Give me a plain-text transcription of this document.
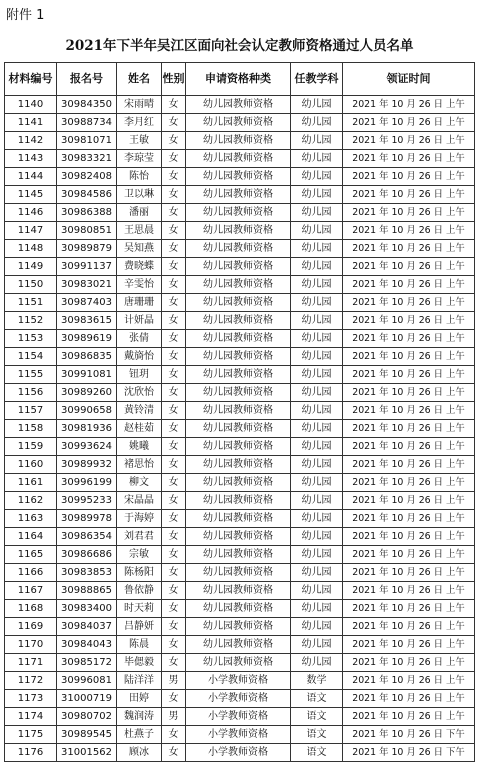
附件 1
2021年下半年吴江区面向社会认定教师资格通过人员名单
材料编号	报名号	姓名	性别	申请资格种类	任教学科	领证时间
1140	30984350	宋雨晴	女	幼儿园教师资格	幼儿园	2021 年 10 月 26 日 上午
1141	30988734	李月红	女	幼儿园教师资格	幼儿园	2021 年 10 月 26 日 上午
1142	30981071	王敏	女	幼儿园教师资格	幼儿园	2021 年 10 月 26 日 上午
1143	30983321	李琼莹	女	幼儿园教师资格	幼儿园	2021 年 10 月 26 日 上午
1144	30982408	陈怡	女	幼儿园教师资格	幼儿园	2021 年 10 月 26 日 上午
1145	30984586	卫以琳	女	幼儿园教师资格	幼儿园	2021 年 10 月 26 日 上午
1146	30986388	潘丽	女	幼儿园教师资格	幼儿园	2021 年 10 月 26 日 上午
1147	30980851	王思晨	女	幼儿园教师资格	幼儿园	2021 年 10 月 26 日 上午
1148	30989879	吴知燕	女	幼儿园教师资格	幼儿园	2021 年 10 月 26 日 上午
1149	30991137	费晓蝶	女	幼儿园教师资格	幼儿园	2021 年 10 月 26 日 上午
1150	30983021	辛雯怡	女	幼儿园教师资格	幼儿园	2021 年 10 月 26 日 上午
1151	30987403	唐珊珊	女	幼儿园教师资格	幼儿园	2021 年 10 月 26 日 上午
1152	30983615	计妍晶	女	幼儿园教师资格	幼儿园	2021 年 10 月 26 日 上午
1153	30989619	张倩	女	幼儿园教师资格	幼儿园	2021 年 10 月 26 日 上午
1154	30986835	戴旖怡	女	幼儿园教师资格	幼儿园	2021 年 10 月 26 日 上午
1155	30991081	钮玥	女	幼儿园教师资格	幼儿园	2021 年 10 月 26 日 上午
1156	30989260	沈欣怡	女	幼儿园教师资格	幼儿园	2021 年 10 月 26 日 上午
1157	30990658	黄铃清	女	幼儿园教师资格	幼儿园	2021 年 10 月 26 日 上午
1158	30981936	赵桂茹	女	幼儿园教师资格	幼儿园	2021 年 10 月 26 日 上午
1159	30993624	姚曦	女	幼儿园教师资格	幼儿园	2021 年 10 月 26 日 上午
1160	30989932	褚思怡	女	幼儿园教师资格	幼儿园	2021 年 10 月 26 日 上午
1161	30996199	柳文	女	幼儿园教师资格	幼儿园	2021 年 10 月 26 日 上午
1162	30995233	宋晶晶	女	幼儿园教师资格	幼儿园	2021 年 10 月 26 日 上午
1163	30989978	于海婷	女	幼儿园教师资格	幼儿园	2021 年 10 月 26 日 上午
1164	30986354	刘君君	女	幼儿园教师资格	幼儿园	2021 年 10 月 26 日 上午
1165	30986686	宗敏	女	幼儿园教师资格	幼儿园	2021 年 10 月 26 日 上午
1166	30983853	陈杨阳	女	幼儿园教师资格	幼儿园	2021 年 10 月 26 日 上午
1167	30988865	鲁依静	女	幼儿园教师资格	幼儿园	2021 年 10 月 26 日 上午
1168	30983400	时天莉	女	幼儿园教师资格	幼儿园	2021 年 10 月 26 日 上午
1169	30984037	吕静妍	女	幼儿园教师资格	幼儿园	2021 年 10 月 26 日 上午
1170	30984043	陈晨	女	幼儿园教师资格	幼儿园	2021 年 10 月 26 日 上午
1171	30985172	毕偲毅	女	幼儿园教师资格	幼儿园	2021 年 10 月 26 日 上午
1172	30996081	陆洋洋	男	小学教师资格	数学	2021 年 10 月 26 日 上午
1173	31000719	田婷	女	小学教师资格	语文	2021 年 10 月 26 日 上午
1174	30980702	魏润涛	男	小学教师资格	语文	2021 年 10 月 26 日 上午
1175	30989545	杜燕子	女	小学教师资格	语文	2021 年 10 月 26 日 下午
1176	31001562	顾冰	女	小学教师资格	语文	2021 年 10 月 26 日 下午
